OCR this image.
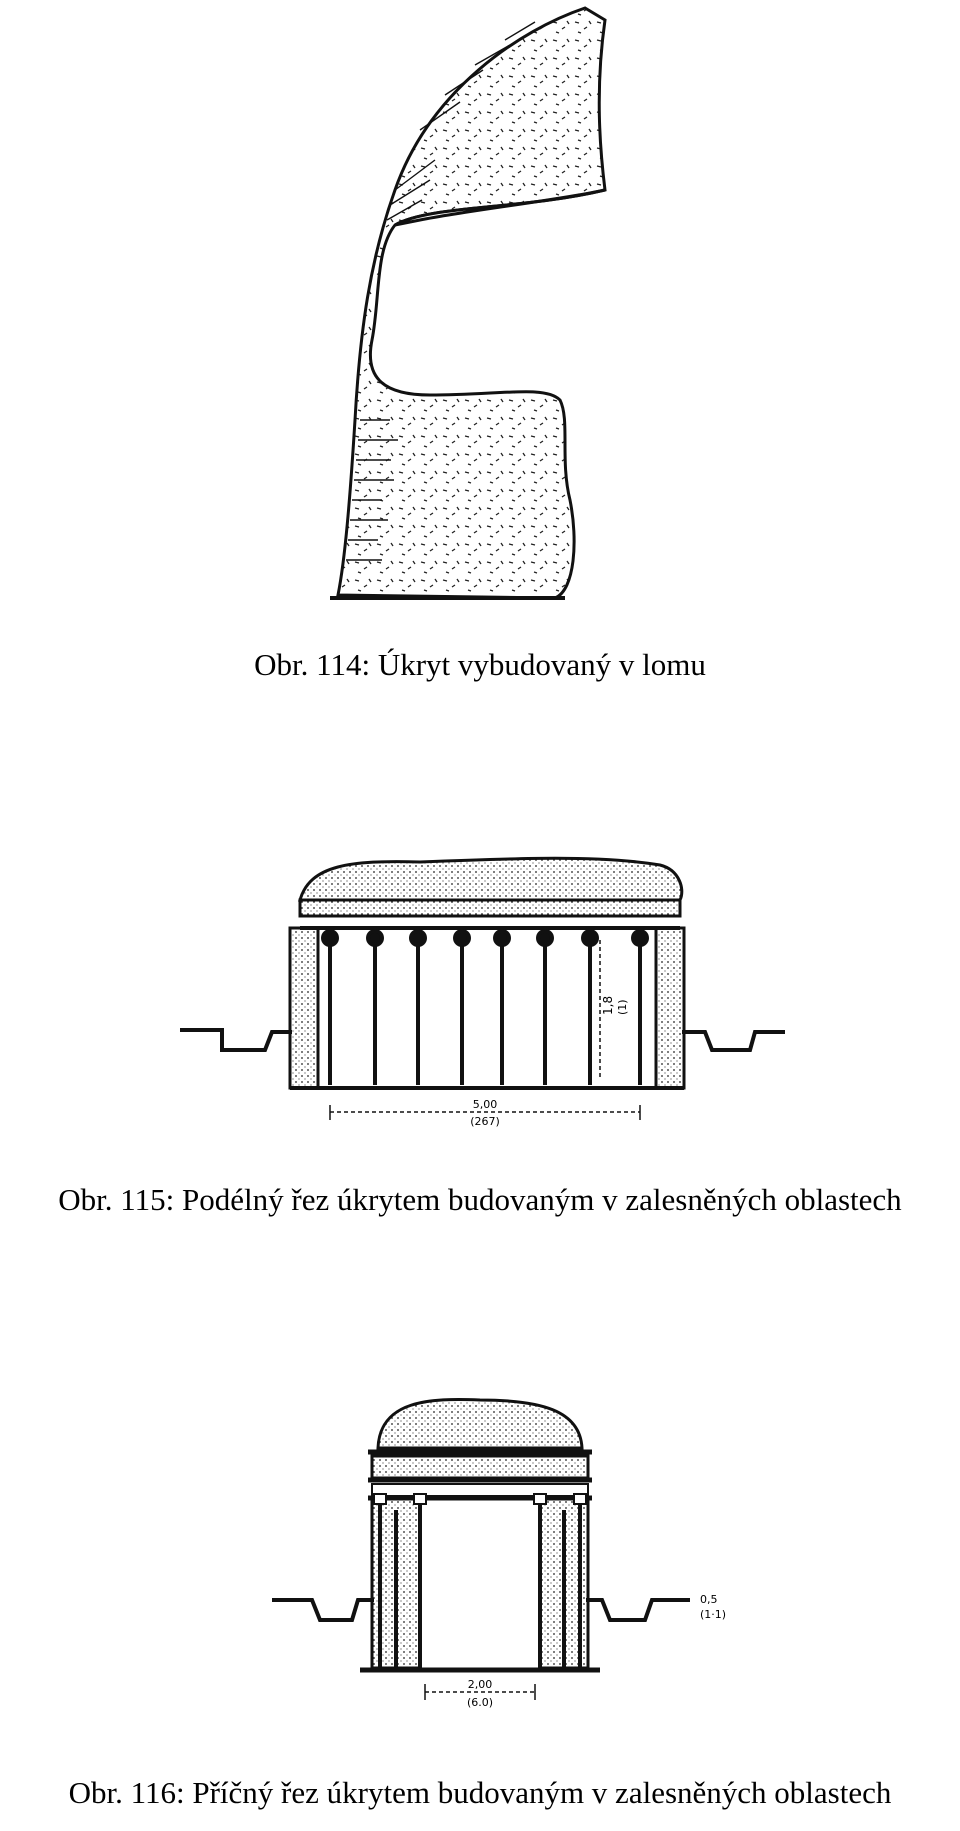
Obr. 114: Úkryt vybudovaný v lomu
1,8 (1)
5,00
(267)
Obr. 115: Podélný řez úkrytem budovaným v zalesněných oblastech
0,5
(1·1)
2,00
(6.0)
Obr. 116: Příčný řez úkrytem budovaným v zalesněných oblastech
